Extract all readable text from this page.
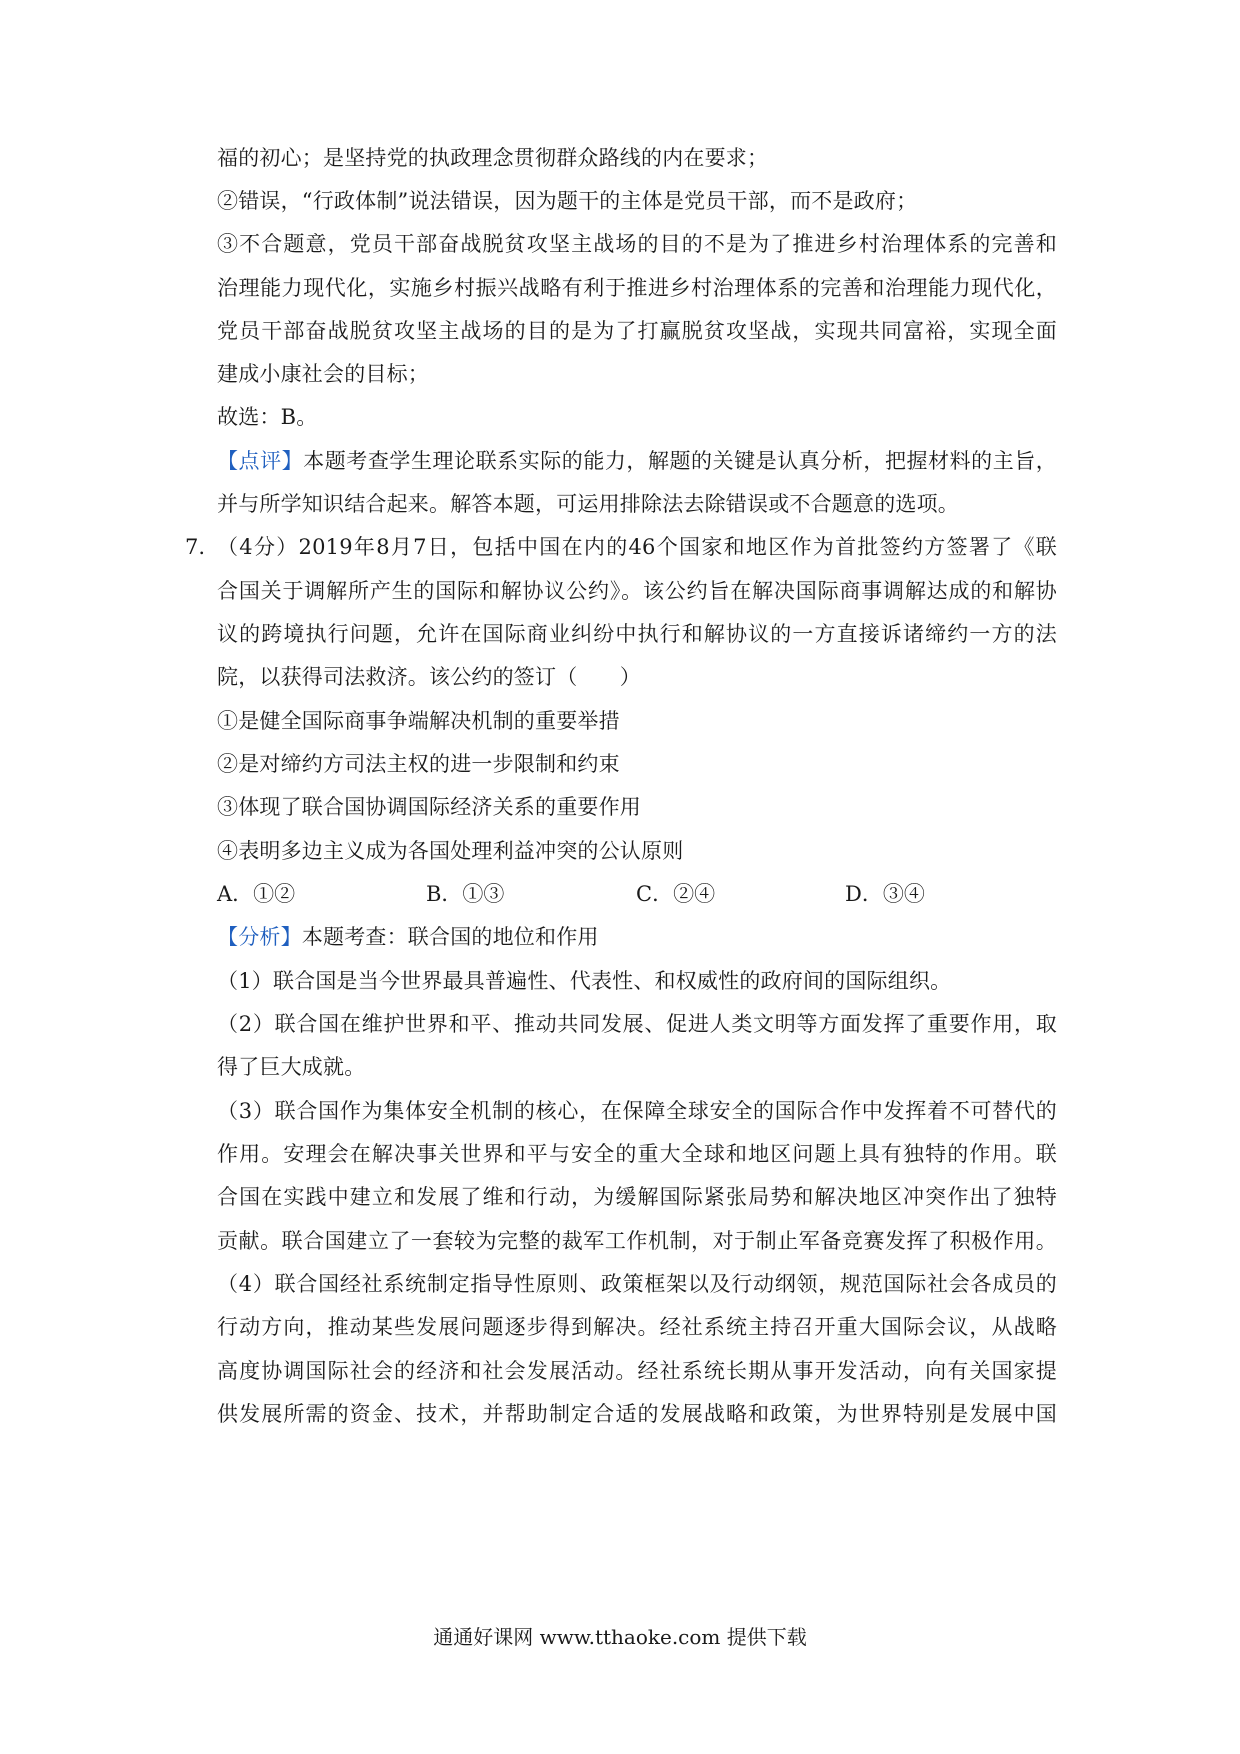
福的初心；是坚持党的执政理念贯彻群众路线的内在要求；
②错误，“行政体制”说法错误，因为题干的主体是党员干部，而不是政府；
③不合题意，党员干部奋战脱贫攻坚主战场的目的不是为了推进乡村治理体系的完善和
治理能力现代化，实施乡村振兴战略有利于推进乡村治理体系的完善和治理能力现代化，
党员干部奋战脱贫攻坚主战场的目的是为了打赢脱贫攻坚战，实现共同富裕，实现全面
建成小康社会的目标；
故选：B。
【点评】本题考查学生理论联系实际的能力，解题的关键是认真分析，把握材料的主旨，
并与所学知识结合起来。解答本题，可运用排除法去除错误或不合题意的选项。
7. （4分）2019年8月7日，包括中国在内的46个国家和地区作为首批签约方签署了《联
合国关于调解所产生的国际和解协议公约》。该公约旨在解决国际商事调解达成的和解协
议的跨境执行问题，允许在国际商业纠纷中执行和解协议的一方直接诉诸缔约一方的法
院，以获得司法救济。该公约的签订（　　）
①是健全国际商事争端解决机制的重要举措
②是对缔约方司法主权的进一步限制和约束
③体现了联合国协调国际经济关系的重要作用
④表明多边主义成为各国处理利益冲突的公认原则
A．①②	B．①③	C．②④	D．③④
【分析】本题考查：联合国的地位和作用
（1）联合国是当今世界最具普遍性、代表性、和权威性的政府间的国际组织。
（2）联合国在维护世界和平、推动共同发展、促进人类文明等方面发挥了重要作用，取
得了巨大成就。
（3）联合国作为集体安全机制的核心，在保障全球安全的国际合作中发挥着不可替代的
作用。安理会在解决事关世界和平与安全的重大全球和地区问题上具有独特的作用。联
合国在实践中建立和发展了维和行动，为缓解国际紧张局势和解决地区冲突作出了独特
贡献。联合国建立了一套较为完整的裁军工作机制，对于制止军备竞赛发挥了积极作用。
（4）联合国经社系统制定指导性原则、政策框架以及行动纲领，规范国际社会各成员的
行动方向，推动某些发展问题逐步得到解决。经社系统主持召开重大国际会议，从战略
高度协调国际社会的经济和社会发展活动。经社系统长期从事开发活动，向有关国家提
供发展所需的资金、技术，并帮助制定合适的发展战略和政策，为世界特别是发展中国
通通好课网 www.tthaoke.com 提供下载
